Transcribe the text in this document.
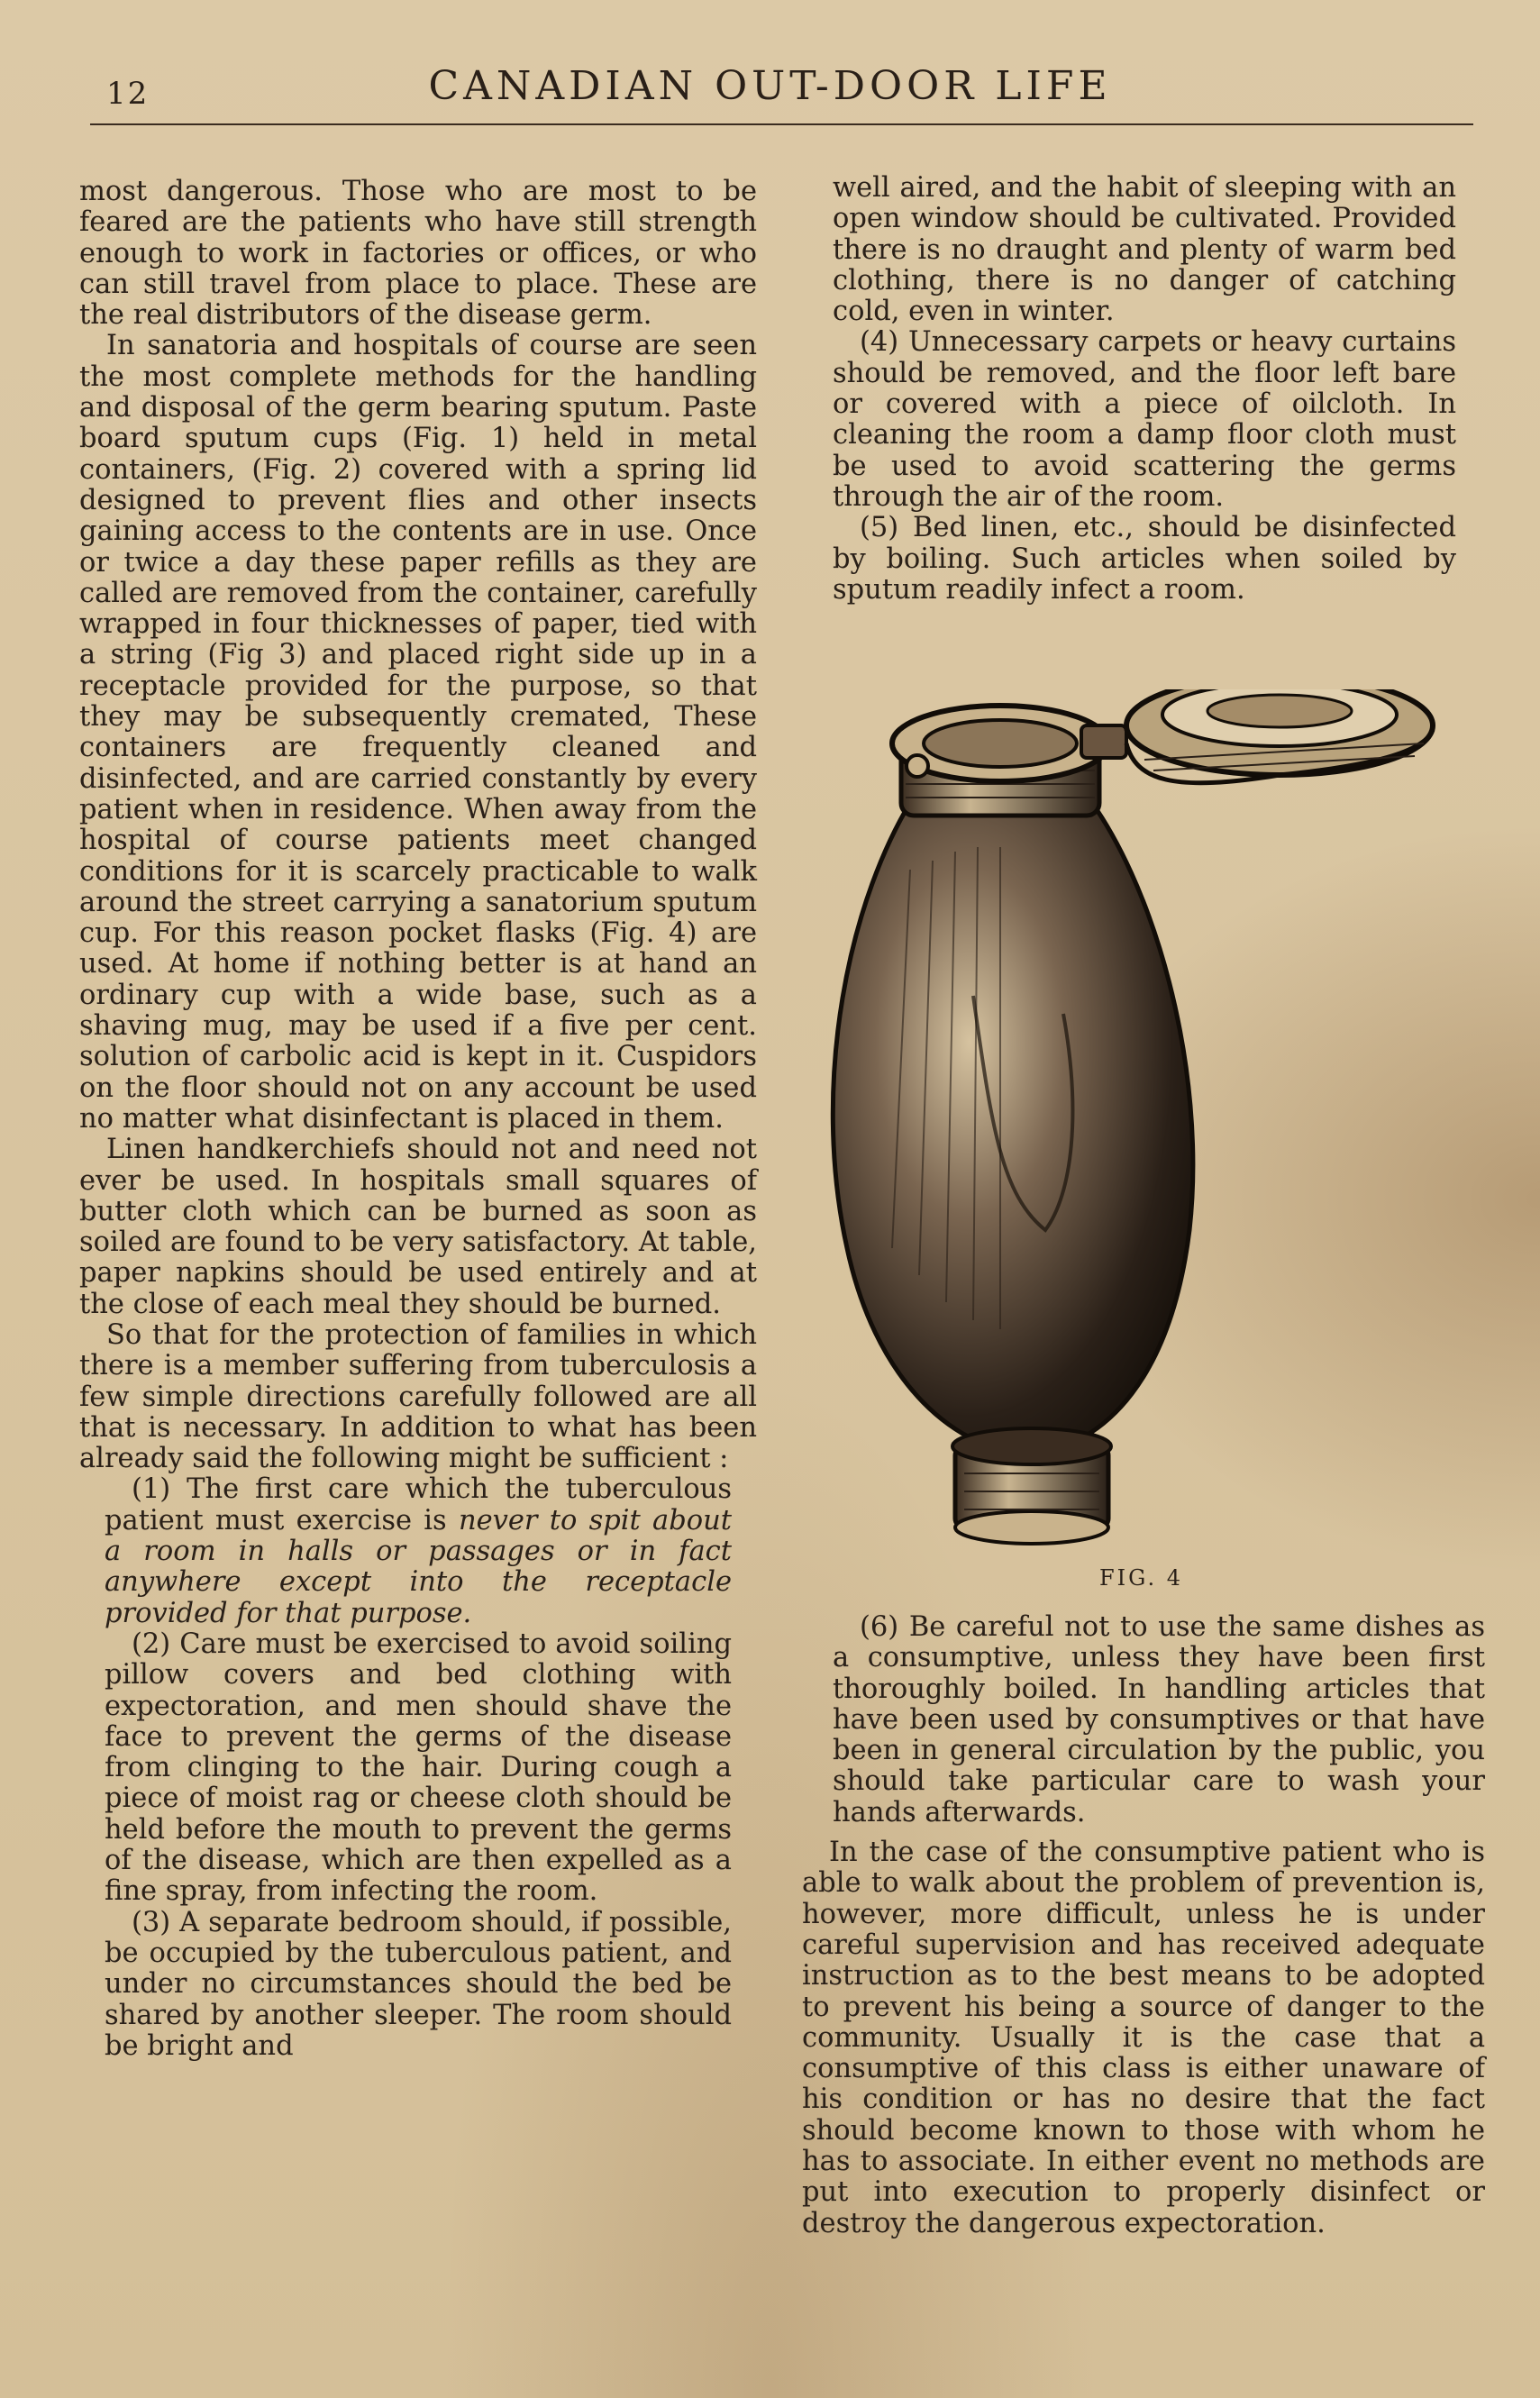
12	CANADIAN OUT-DOOR LIFE

most dangerous. Those who are most to be feared are the patients who have still strength enough to work in factories or offices, or who can still travel from place to place. These are the real distributors of the disease germ.

In sanatoria and hospitals of course are seen the most complete methods for the handling and disposal of the germ bearing sputum. Paste board sputum cups (Fig. 1) held in metal containers, (Fig. 2) covered with a spring lid designed to prevent flies and other insects gaining access to the contents are in use. Once or twice a day these paper refills as they are called are removed from the container, carefully wrapped in four thicknesses of paper, tied with a string (Fig 3) and placed right side up in a receptacle provided for the purpose, so that they may be subsequently cremated, These containers are frequently cleaned and disinfected, and are carried constantly by every patient when in residence. When away from the hospital of course patients meet changed conditions for it is scarcely practicable to walk around the street carrying a sanatorium sputum cup. For this reason pocket flasks (Fig. 4) are used. At home if nothing better is at hand an ordinary cup with a wide base, such as a shaving mug, may be used if a five per cent. solution of carbolic acid is kept in it. Cuspidors on the floor should not on any account be used no matter what disinfectant is placed in them.

Linen handkerchiefs should not and need not ever be used. In hospitals small squares of butter cloth which can be burned as soon as soiled are found to be very satisfactory. At table, paper napkins should be used entirely and at the close of each meal they should be burned.

So that for the protection of families in which there is a member suffering from tuberculosis a few simple directions carefully followed are all that is necessary. In addition to what has been already said the following might be sufficient :

(1) The first care which the tuberculous patient must exercise is never to spit about a room in halls or passages or in fact anywhere except into the receptacle provided for that purpose.

(2) Care must be exercised to avoid soiling pillow covers and bed clothing with expectoration, and men should shave the face to prevent the germs of the disease from clinging to the hair. During cough a piece of moist rag or cheese cloth should be held before the mouth to prevent the germs of the disease, which are then expelled as a fine spray, from infecting the room.

(3) A separate bedroom should, if possible, be occupied by the tuberculous patient, and under no circumstances should the bed be shared by another sleeper. The room should be bright and

well aired, and the habit of sleeping with an open window should be cultivated. Provided there is no draught and plenty of warm bed clothing, there is no danger of catching cold, even in winter.

(4) Unnecessary carpets or heavy curtains should be removed, and the floor left bare or covered with a piece of oilcloth. In cleaning the room a damp floor cloth must be used to avoid scattering the germs through the air of the room.

(5) Bed linen, etc., should be disinfected by boiling. Such articles when soiled by sputum readily infect a room.

FIG. 4

(6) Be careful not to use the same dishes as a consumptive, unless they have been first thoroughly boiled. In handling articles that have been used by consumptives or that have been in general circulation by the public, you should take particular care to wash your hands afterwards.

In the case of the consumptive patient who is able to walk about the problem of prevention is, however, more difficult, unless he is under careful supervision and has received adequate instruction as to the best means to be adopted to prevent his being a source of danger to the community. Usually it is the case that a consumptive of this class is either unaware of his condition or has no desire that the fact should become known to those with whom he has to associate. In either event no methods are put into execution to properly disinfect or destroy the dangerous expectoration.
